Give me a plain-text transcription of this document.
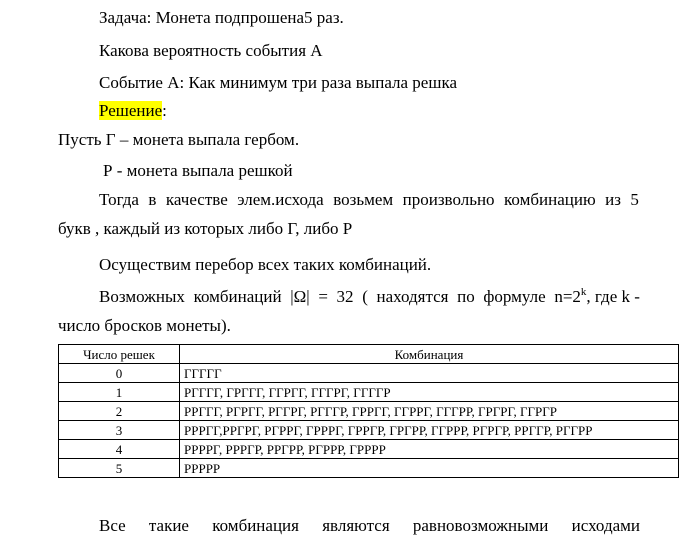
Задача: Монета подпрошена5 раз.
Какова вероятность события А
Событие А: Как минимум три раза выпала решка
Решение:
Пусть Г – монета выпала гербом.
Р - монета выпала решкой
Тогда в качестве элем.исхода возьмем произвольно комбинацию из 5
букв , каждый из которых либо Г, либо Р
Осуществим перебор всех таких комбинаций.
Возможных комбинаций |Ω| = 32 ( находятся по формуле $n=2^k$, где k -
число бросков монеты).
Число решек	Комбинация
0	ГГГГГ
1	РГГГГ, ГРГГГ, ГГРГГ, ГГГРГ, ГГГГР
2	РРГГГ, РГРГГ, РГГРГ, РГГГР, ГРРГГ, ГГРРГ, ГГГРР, ГРГРГ, ГГРГР
3	РРРГГ,РРГРГ, РГРРГ, ГРРРГ, ГРРГР, ГРГРР, ГГРРР, РГРГР, РРГГР, РГГРР
4	РРРРГ, РРРГР, РРГРР, РГРРР, ГРРРР
5	РРРРР
Все такие комбинация являются равновозможными исходами
